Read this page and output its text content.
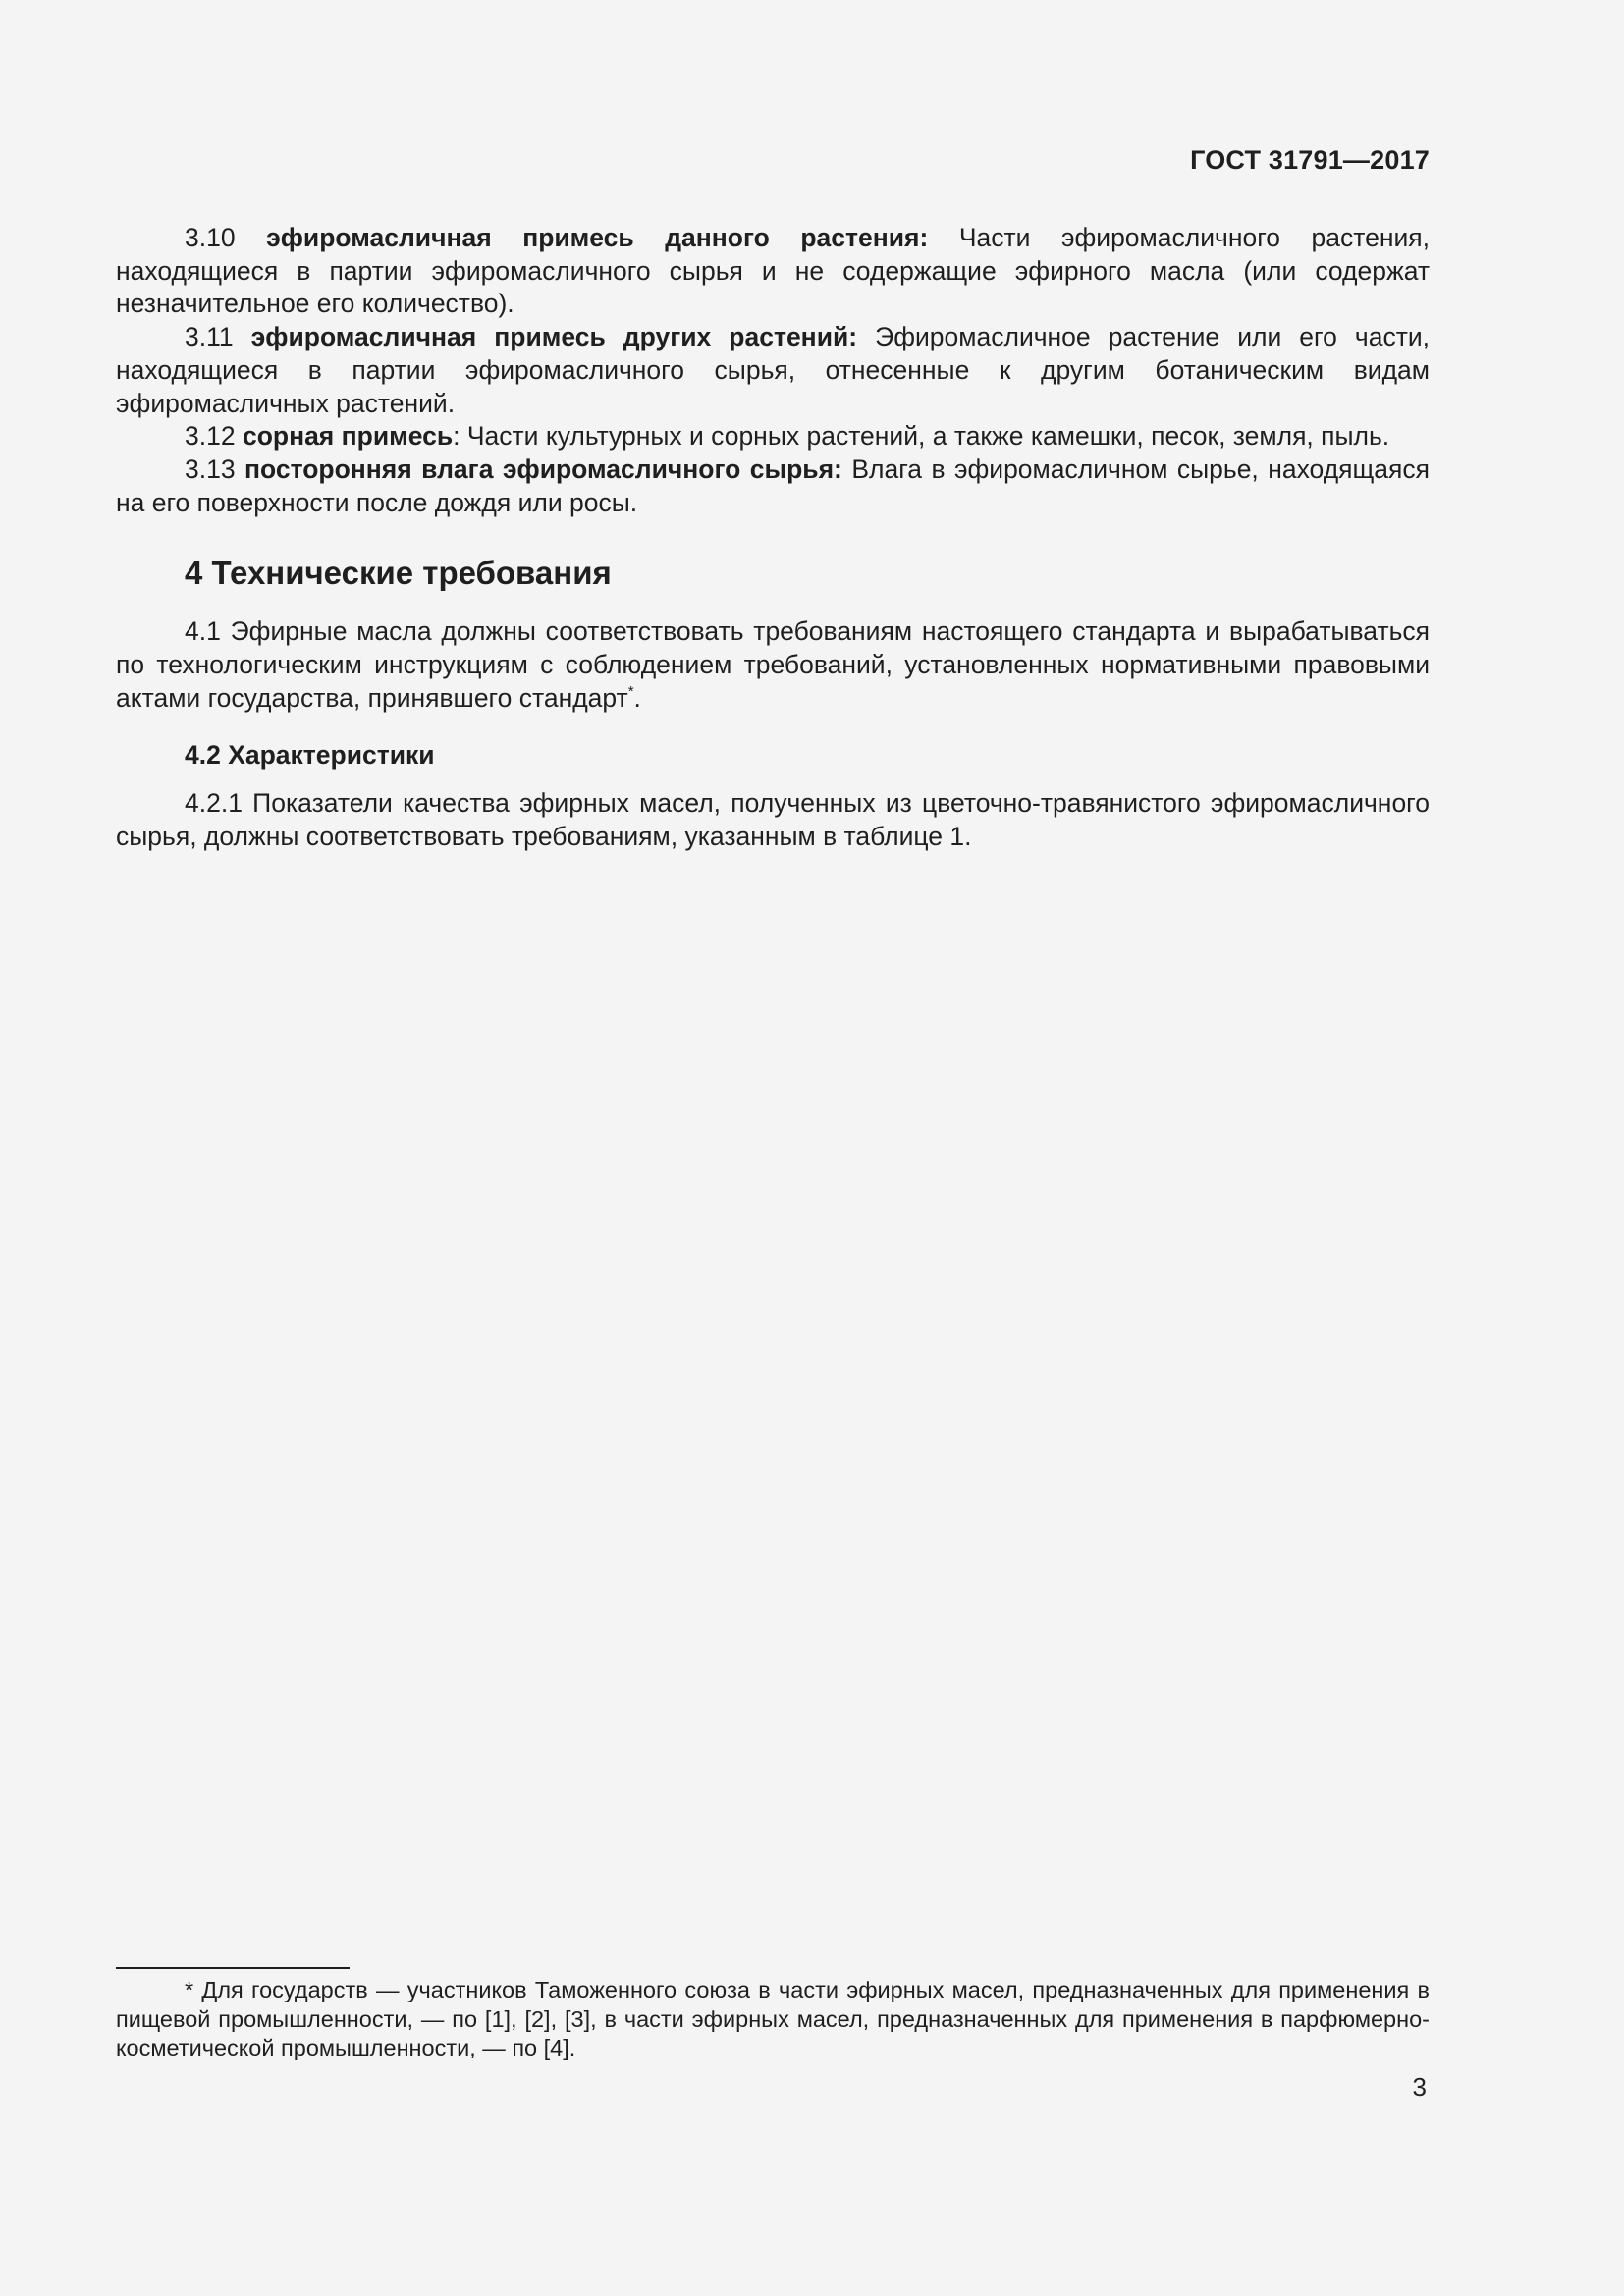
ГОСТ 31791—2017

3.10 эфиромасличная примесь данного растения: Части эфиромасличного растения, находящиеся в партии эфиромасличного сырья и не содержащие эфирного масла (или содержат незначительное его количество).

3.11 эфиромасличная примесь других растений: Эфиромасличное растение или его части, находящиеся в партии эфиромасличного сырья, отнесенные к другим ботаническим видам эфиромасличных растений.

3.12 сорная примесь: Части культурных и сорных растений, а также камешки, песок, земля, пыль.

3.13 посторонняя влага эфиромасличного сырья: Влага в эфиромасличном сырье, находящаяся на его поверхности после дождя или росы.

4 Технические требования

4.1 Эфирные масла должны соответствовать требованиям настоящего стандарта и вырабатываться по технологическим инструкциям с соблюдением требований, установленных нормативными правовыми актами государства, принявшего стандарт*.

4.2 Характеристики

4.2.1 Показатели качества эфирных масел, полученных из цветочно-травянистого эфиромасличного сырья, должны соответствовать требованиям, указанным в таблице 1.

* Для государств — участников Таможенного союза в части эфирных масел, предназначенных для применения в пищевой промышленности, — по [1], [2], [3], в части эфирных масел, предназначенных для применения в парфюмерно-косметической промышленности, — по [4].

3
